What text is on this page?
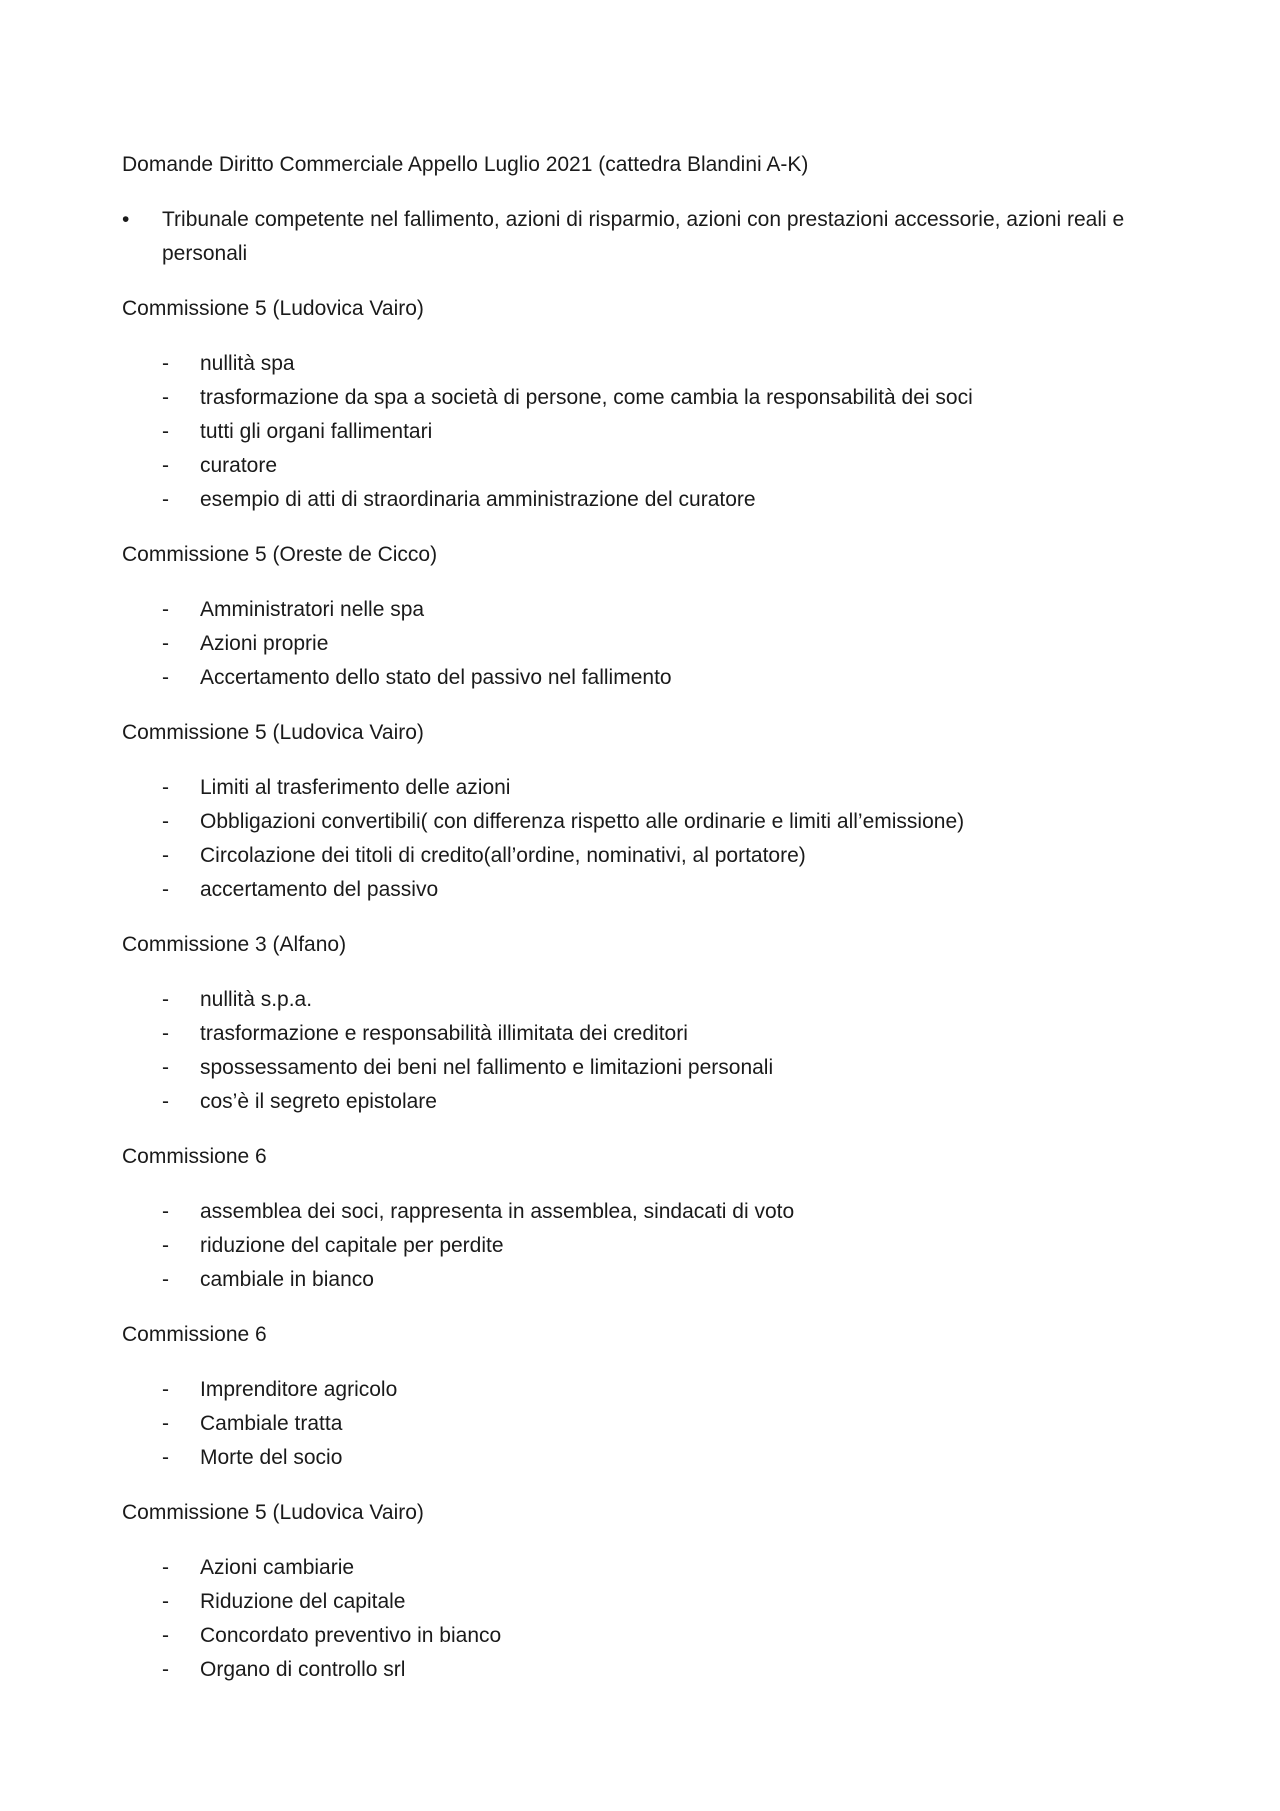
Domande Diritto Commerciale Appello Luglio 2021 (cattedra Blandini A-K)

• Tribunale competente nel fallimento, azioni di risparmio, azioni con prestazioni accessorie, azioni reali e personali

Commissione 5 (Ludovica Vairo)

- nullità spa
- trasformazione da spa a società di persone, come cambia la responsabilità dei soci
- tutti gli organi fallimentari
- curatore
- esempio di atti di straordinaria amministrazione del curatore

Commissione 5 (Oreste de Cicco)

- Amministratori nelle spa
- Azioni proprie
- Accertamento dello stato del passivo nel fallimento

Commissione 5 (Ludovica Vairo)

- Limiti al trasferimento delle azioni
- Obbligazioni convertibili( con differenza rispetto alle ordinarie e limiti all’emissione)
- Circolazione dei titoli di credito(all’ordine, nominativi, al portatore)
- accertamento del passivo

Commissione 3 (Alfano)

- nullità s.p.a.
- trasformazione e responsabilità illimitata dei creditori
- spossessamento dei beni nel fallimento e limitazioni personali
- cos’è il segreto epistolare

Commissione 6

- assemblea dei soci, rappresenta in assemblea, sindacati di voto
- riduzione del capitale per perdite
- cambiale in bianco

Commissione 6

- Imprenditore agricolo
- Cambiale tratta
- Morte del socio

Commissione 5 (Ludovica Vairo)

- Azioni cambiarie
- Riduzione del capitale
- Concordato preventivo in bianco
- Organo di controllo srl
